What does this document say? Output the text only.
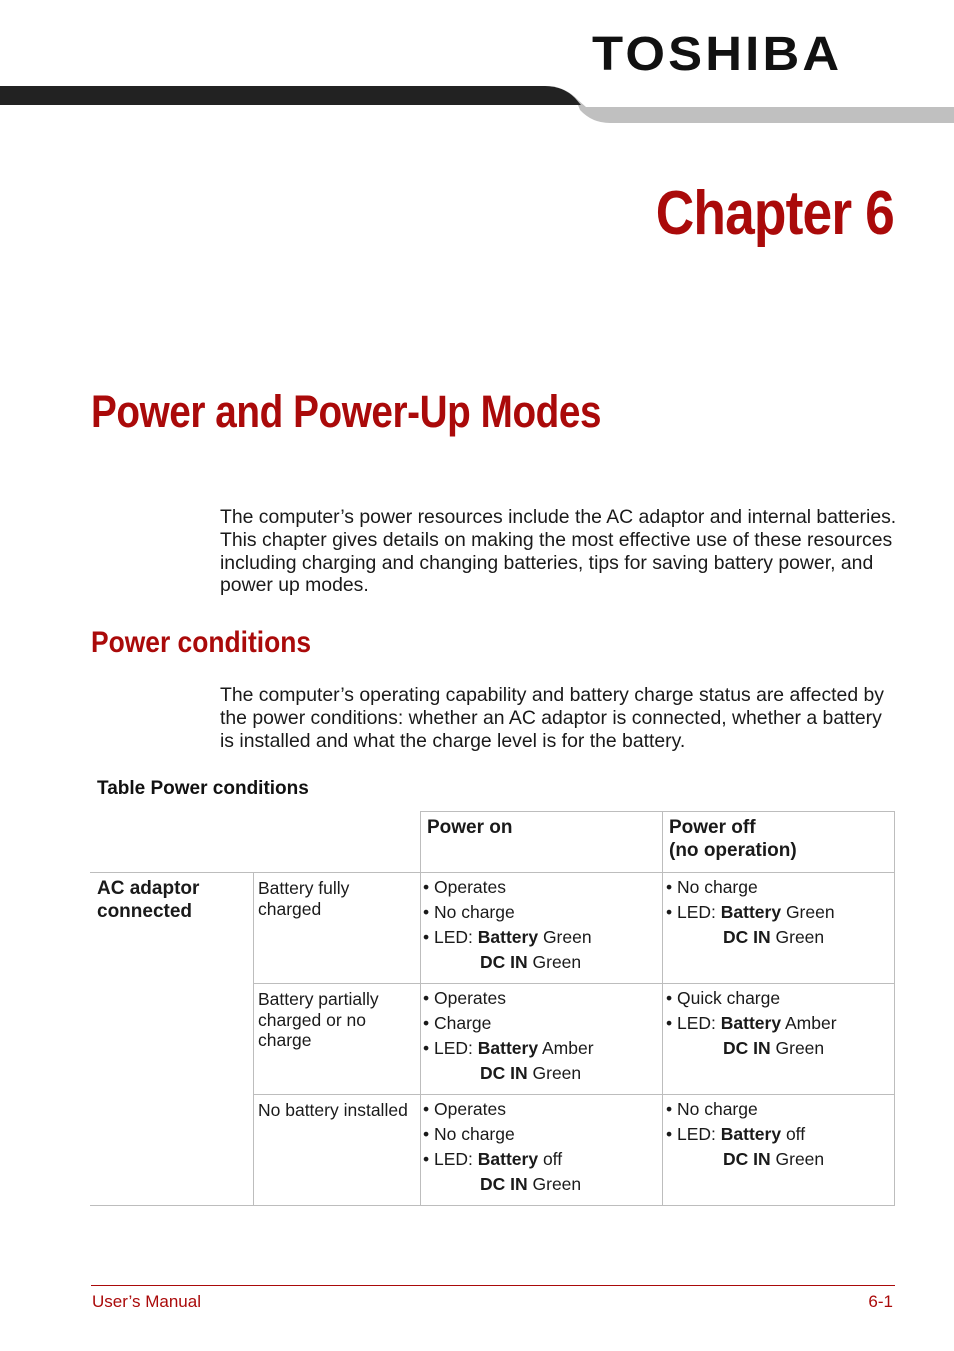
TOSHIBA
Chapter 6
Power and Power-Up Modes

The computer’s power resources include the AC adaptor and internal batteries. This chapter gives details on making the most effective use of these resources including charging and changing batteries, tips for saving battery power, and power up modes.

Power conditions

The computer’s operating capability and battery charge status are affected by the power conditions: whether an AC adaptor is connected, whether a battery is installed and what the charge level is for the battery.

Table Power conditions
Power on	Power off
(no operation)
AC adaptor
connected
Battery fully
charged
• Operates
• No charge
• LED: Battery Green
DC IN Green
• No charge
• LED: Battery Green
DC IN Green
Battery partially
charged or no
charge
• Operates
• Charge
• LED: Battery Amber
DC IN Green
• Quick charge
• LED: Battery Amber
DC IN Green
No battery installed • Operates
• No charge
• LED: Battery off
DC IN Green
• No charge
• LED: Battery off
DC IN Green
User’s Manual	6-1
